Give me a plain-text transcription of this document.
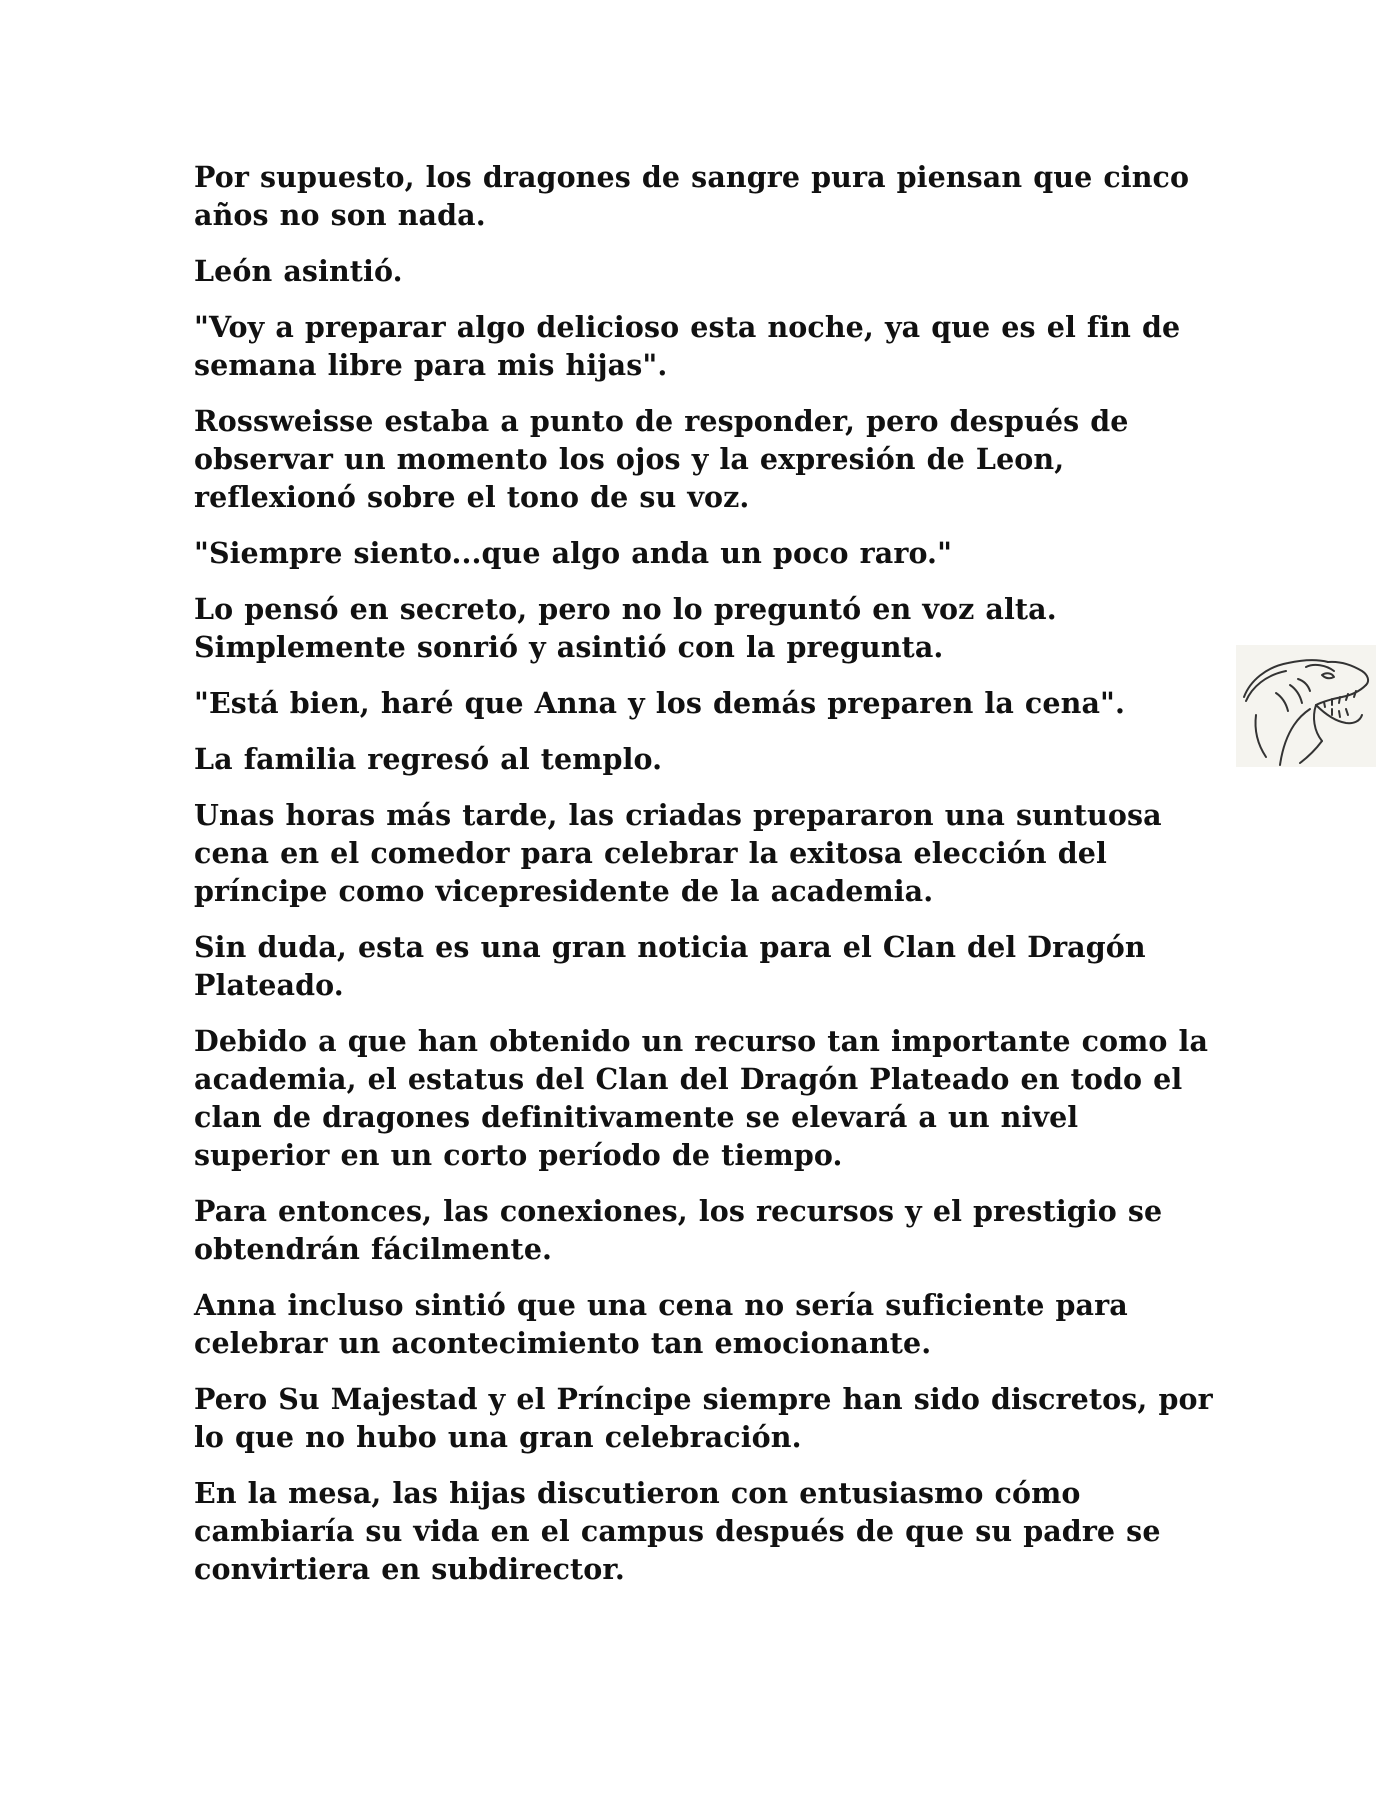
Por supuesto, los dragones de sangre pura piensan que cinco años no son nada.

León asintió.

"Voy a preparar algo delicioso esta noche, ya que es el fin de semana libre para mis hijas".

Rossweisse estaba a punto de responder, pero después de observar un momento los ojos y la expresión de Leon, reflexionó sobre el tono de su voz.

"Siempre siento...que algo anda un poco raro."

Lo pensó en secreto, pero no lo preguntó en voz alta. Simplemente sonrió y asintió con la pregunta.

"Está bien, haré que Anna y los demás preparen la cena".

La familia regresó al templo.

Unas horas más tarde, las criadas prepararon una suntuosa cena en el comedor para celebrar la exitosa elección del príncipe como vicepresidente de la academia.

Sin duda, esta es una gran noticia para el Clan del Dragón Plateado.

Debido a que han obtenido un recurso tan importante como la academia, el estatus del Clan del Dragón Plateado en todo el clan de dragones definitivamente se elevará a un nivel superior en un corto período de tiempo.

Para entonces, las conexiones, los recursos y el prestigio se obtendrán fácilmente.

Anna incluso sintió que una cena no sería suficiente para celebrar un acontecimiento tan emocionante.

Pero Su Majestad y el Príncipe siempre han sido discretos, por lo que no hubo una gran celebración.

En la mesa, las hijas discutieron con entusiasmo cómo cambiaría su vida en el campus después de que su padre se convirtiera en subdirector.
